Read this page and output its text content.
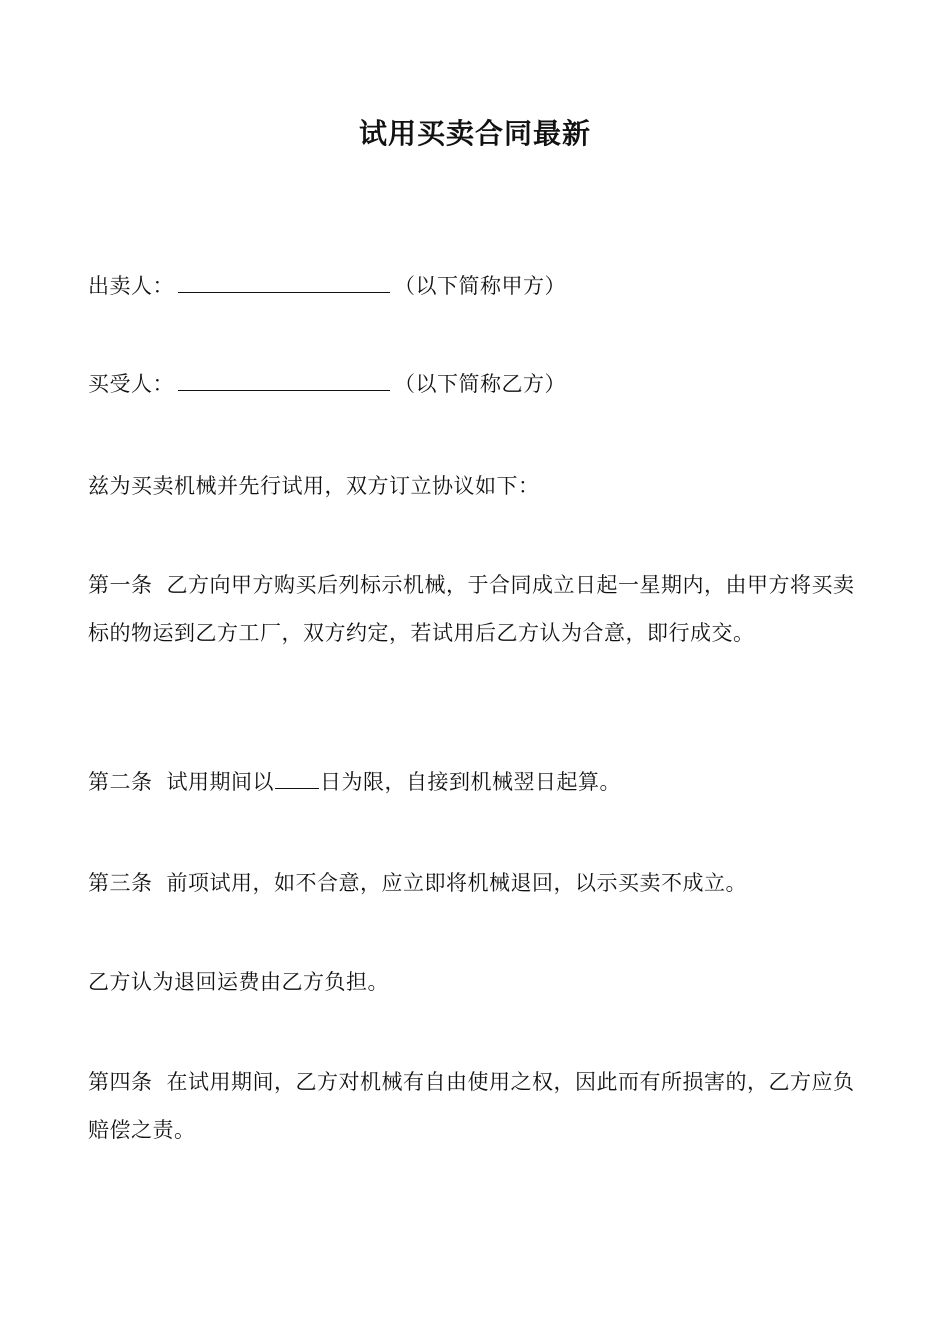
试用买卖合同最新
出卖人：	（以下简称甲方）
买受人：	（以下简称乙方）
兹为买卖机械并先行试用，双方订立协议如下：
第一条 乙方向甲方购买后列标示机械，于合同成立日起一星期内，由甲方将买卖标的物运到乙方工厂，双方约定，若试用后乙方认为合意，即行成交。
第二条 试用期间以 日为限，自接到机械翌日起算。
第三条 前项试用，如不合意，应立即将机械退回，以示买卖不成立。
乙方认为退回运费由乙方负担。
第四条 在试用期间，乙方对机械有自由使用之权，因此而有所损害的，乙方应负赔偿之责。
